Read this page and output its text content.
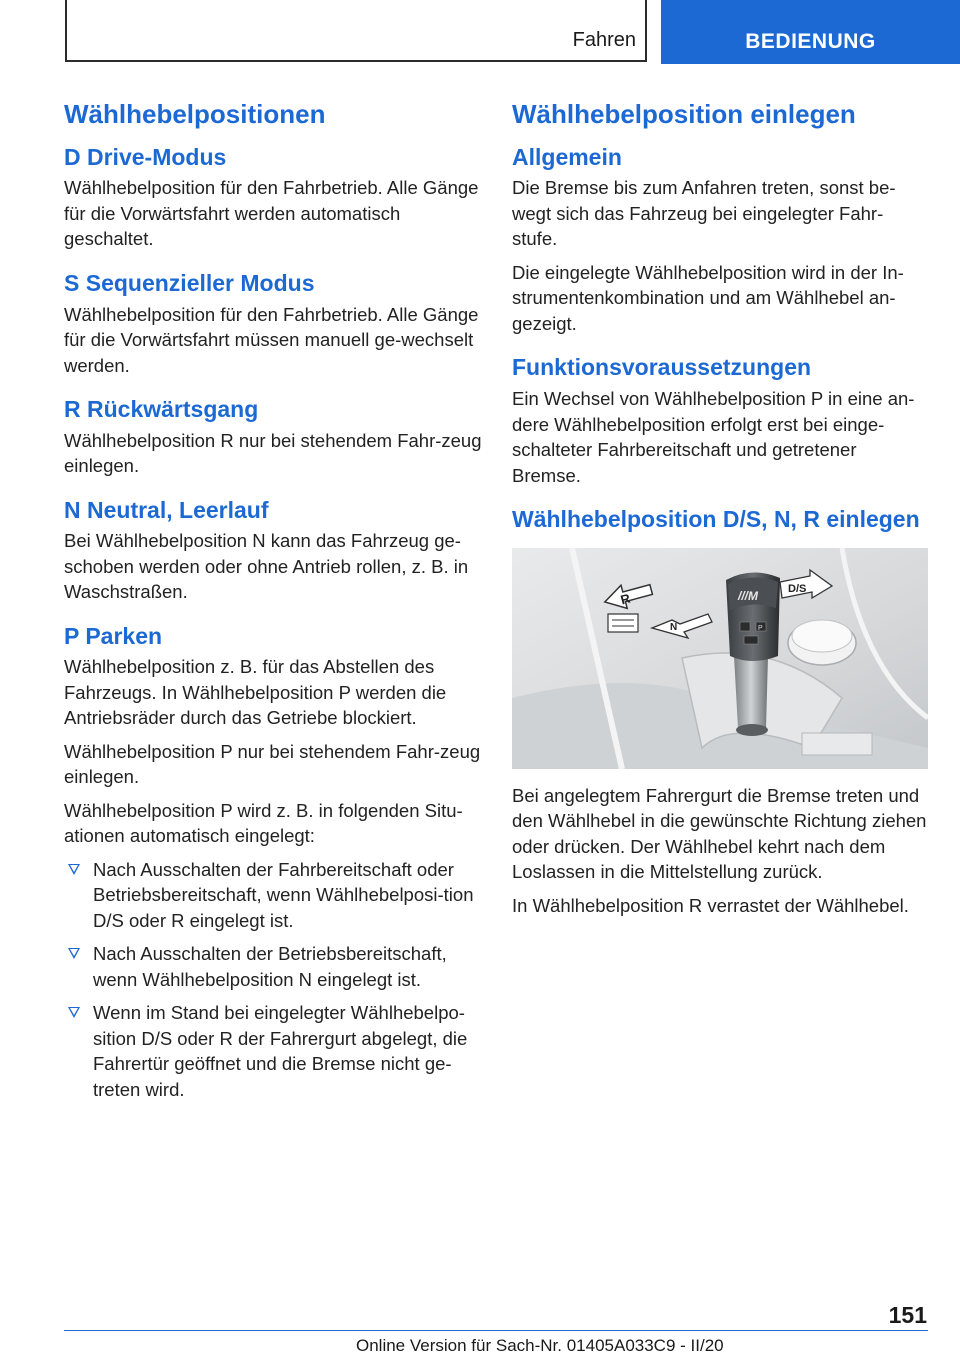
Fahren	BEDIENUNG
Wählhebelpositionen
D Drive-Modus

Wählhebelposition für den Fahrbetrieb. Alle Gänge für die Vorwärtsfahrt werden automatisch geschaltet.

S Sequenzieller Modus

Wählhebelposition für den Fahrbetrieb. Alle Gänge für die Vorwärtsfahrt müssen manuell ge-wechselt werden.

R Rückwärtsgang

Wählhebelposition R nur bei stehendem Fahr-zeug einlegen.

N Neutral, Leerlauf

Bei Wählhebelposition N kann das Fahrzeug ge-schoben werden oder ohne Antrieb rollen, z. B. in Waschstraßen.

P Parken

Wählhebelposition z. B. für das Abstellen des Fahrzeugs. In Wählhebelposition P werden die Antriebsräder durch das Getriebe blockiert.

Wählhebelposition P nur bei stehendem Fahr-zeug einlegen.

Wählhebelposition P wird z. B. in folgenden Situ-ationen automatisch eingelegt:

Nach Ausschalten der Fahrbereitschaft oder Betriebsbereitschaft, wenn Wählhebelposi-tion D/S oder R eingelegt ist.
Nach Ausschalten der Betriebsbereitschaft, wenn Wählhebelposition N eingelegt ist.
Wenn im Stand bei eingelegter Wählhebelpo-sition D/S oder R der Fahrergurt abgelegt, die Fahrertür geöffnet und die Bremse nicht ge-treten wird.
Wählhebelposition einlegen
Allgemein

Die Bremse bis zum Anfahren treten, sonst be-wegt sich das Fahrzeug bei eingelegter Fahr-stufe.

Die eingelegte Wählhebelposition wird in der In-strumentenkombination und am Wählhebel an-gezeigt.

Funktionsvoraussetzungen

Ein Wechsel von Wählhebelposition P in eine an-dere Wählhebelposition erfolgt erst bei einge-schalteter Fahrbereitschaft und getretener Bremse.

Wählhebelposition D/S, N, R einlegen
R
N
D/S
///M
P

Bei angelegtem Fahrergurt die Bremse treten und den Wählhebel in die gewünschte Richtung ziehen oder drücken. Der Wählhebel kehrt nach dem Loslassen in die Mittelstellung zurück.

In Wählhebelposition R verrastet der Wählhebel.

151
Online Version für Sach-Nr. 01405A033C9 - II/20
